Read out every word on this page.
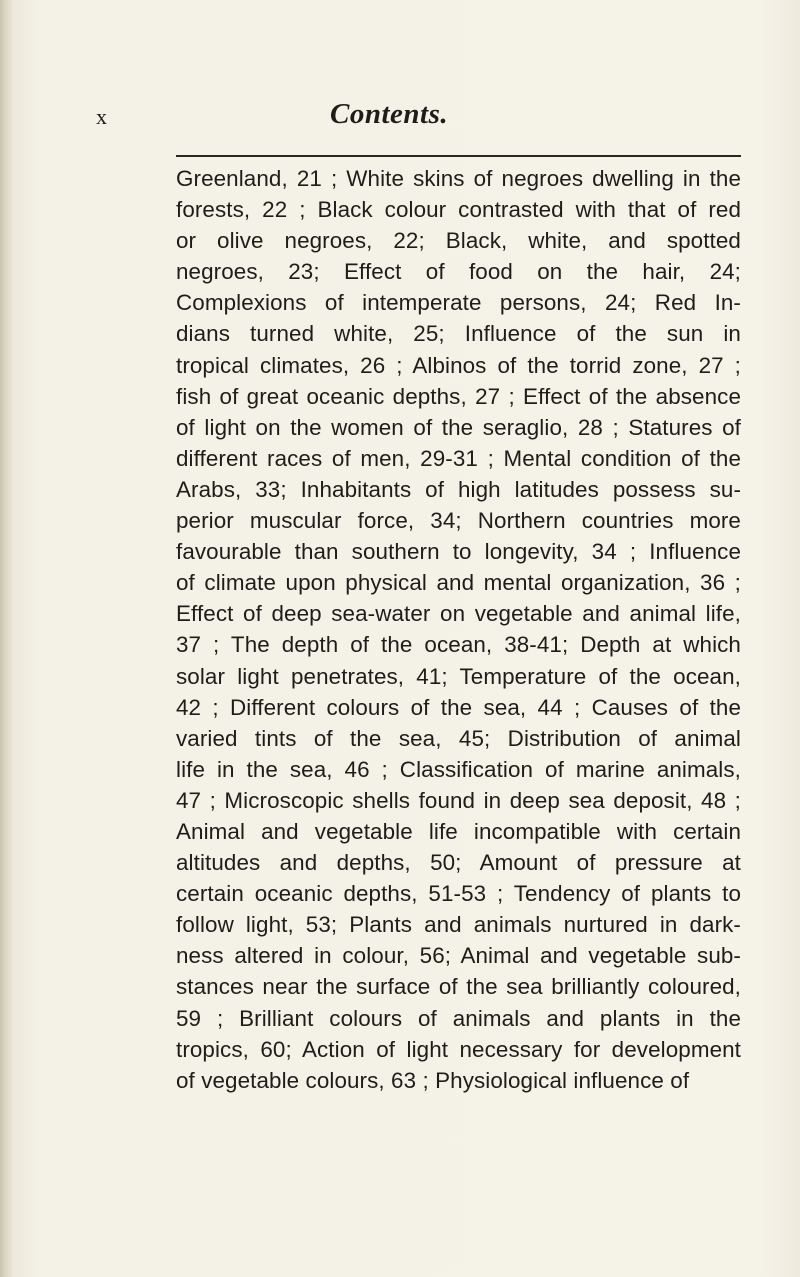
x	Contents.
Greenland, 21 ; White skins of negroes dwelling in the
forests, 22 ; Black colour contrasted with that of red
or olive negroes, 22; Black, white, and spotted
negroes, 23; Effect of food on the hair, 24;
Complexions of intemperate persons, 24; Red In-
dians turned white, 25; Influence of the sun in
tropical climates, 26 ; Albinos of the torrid zone, 27 ;
fish of great oceanic depths, 27 ; Effect of the absence
of light on the women of the seraglio, 28 ; Statures of
different races of men, 29-31 ; Mental condition of the
Arabs, 33; Inhabitants of high latitudes possess su-
perior muscular force, 34; Northern countries more
favourable than southern to longevity, 34 ; Influence
of climate upon physical and mental organization, 36 ;
Effect of deep sea-water on vegetable and animal life,
37 ; The depth of the ocean, 38-41; Depth at which
solar light penetrates, 41; Temperature of the ocean,
42 ; Different colours of the sea, 44 ; Causes of the
varied tints of the sea, 45; Distribution of animal
life in the sea, 46 ; Classification of marine animals,
47 ; Microscopic shells found in deep sea deposit, 48 ;
Animal and vegetable life incompatible with certain
altitudes and depths, 50; Amount of pressure at
certain oceanic depths, 51-53 ; Tendency of plants to
follow light, 53; Plants and animals nurtured in dark-
ness altered in colour, 56; Animal and vegetable sub-
stances near the surface of the sea brilliantly coloured,
59 ; Brilliant colours of animals and plants in the
tropics, 60; Action of light necessary for development
of vegetable colours, 63 ; Physiological influence of
